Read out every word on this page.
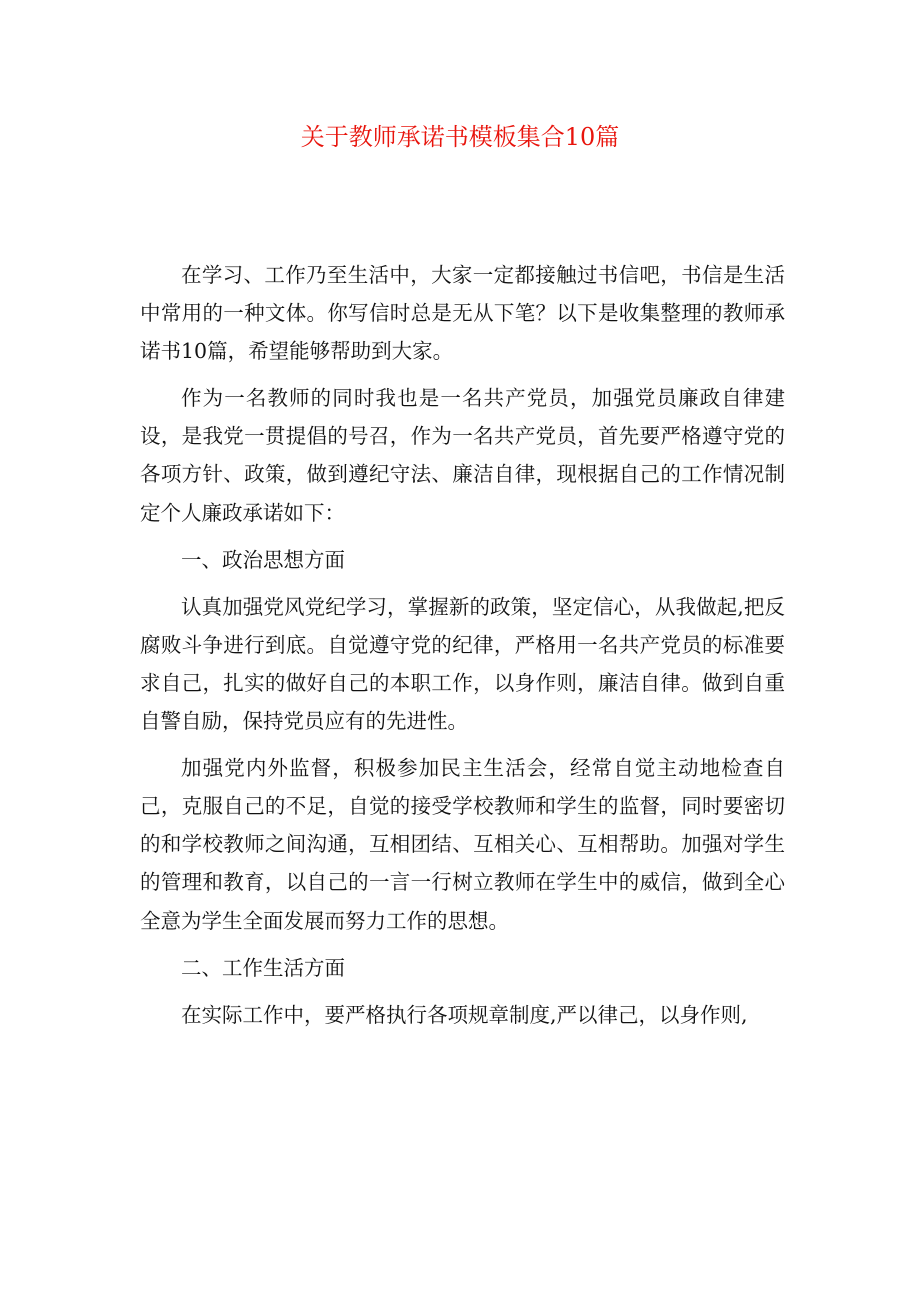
关于教师承诺书模板集合10篇

在学习、工作乃至生活中，大家一定都接触过书信吧，书信是生活中常用的一种文体。你写信时总是无从下笔？以下是收集整理的教师承诺书10篇，希望能够帮助到大家。

作为一名教师的同时我也是一名共产党员，加强党员廉政自律建设，是我党一贯提倡的号召，作为一名共产党员，首先要严格遵守党的各项方针、政策，做到遵纪守法、廉洁自律，现根据自己的工作情况制定个人廉政承诺如下：

一、政治思想方面

认真加强党风党纪学习，掌握新的政策，坚定信心，从我做起,把反腐败斗争进行到底。自觉遵守党的纪律，严格用一名共产党员的标准要求自己，扎实的做好自己的本职工作，以身作则，廉洁自律。做到自重自警自励，保持党员应有的先进性。

加强党内外监督，积极参加民主生活会，经常自觉主动地检查自己，克服自己的不足，自觉的接受学校教师和学生的监督，同时要密切的和学校教师之间沟通，互相团结、互相关心、互相帮助。加强对学生的管理和教育，以自己的一言一行树立教师在学生中的威信，做到全心全意为学生全面发展而努力工作的思想。

二、工作生活方面

在实际工作中，要严格执行各项规章制度,严以律己，以身作则,
